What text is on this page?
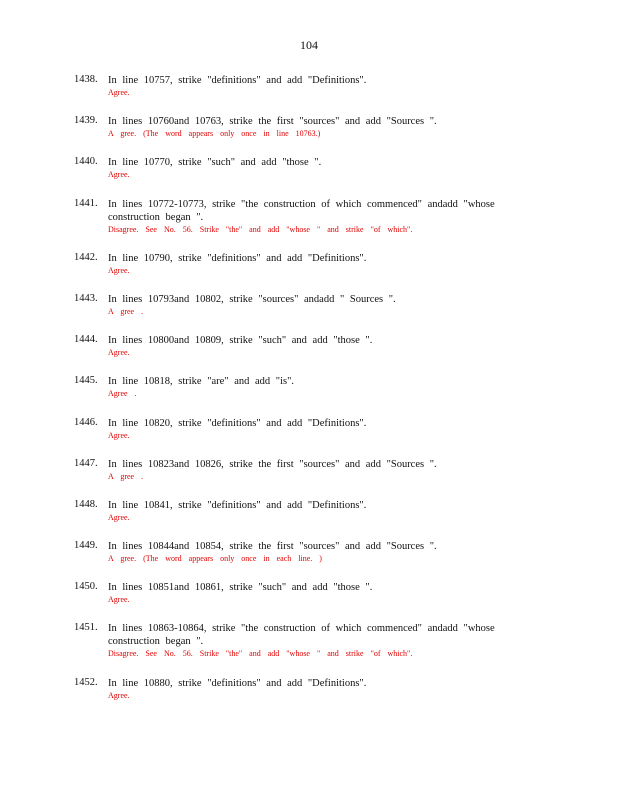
104
1438. In line 10757, strike "definitions" and add "Definitions".
Agree.
1439. In lines 10760and 10763, strike the first "sources" and add "Sources ".
A gree. (The word appears only once in line 10763.)
1440. In line 10770, strike "such" and add "those ".
Agree.
1441. In lines 10772-10773, strike "the construction of which commenced" andadd "whose construction began ".
Disagree. See No. 56. Strike "the" and add "whose " and strike "of which".
1442. In line 10790, strike "definitions" and add "Definitions".
Agree.
1443. In lines 10793and 10802, strike "sources" andadd " Sources ".
A gree .
1444. In lines 10800and 10809, strike "such" and add "those ".
Agree.
1445. In line 10818, strike "are" and add "is".
Agree .
1446. In line 10820, strike "definitions" and add "Definitions".
Agree.
1447. In lines 10823and 10826, strike the first "sources" and add "Sources ".
A gree .
1448. In line 10841, strike "definitions" and add "Definitions".
Agree.
1449. In lines 10844and 10854, strike the first "sources" and add "Sources ".
A gree. (The word appears only once in each line. )
1450. In lines 10851and 10861, strike "such" and add "those ".
Agree.
1451. In lines 10863-10864, strike "the construction of which commenced" andadd "whose construction began ".
Disagree. See No. 56. Strike "the" and add "whose " and strike "of which".
1452. In line 10880, strike "definitions" and add "Definitions".
Agree.
